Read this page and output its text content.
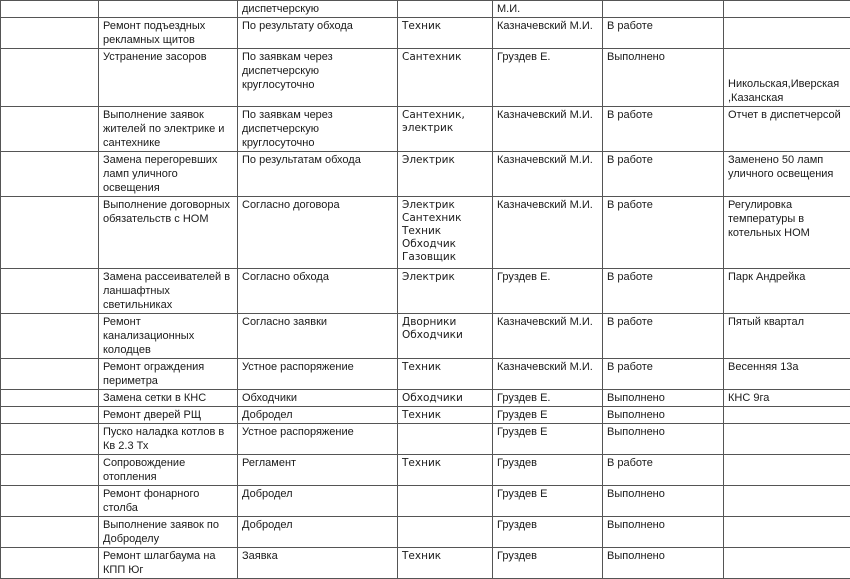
		диспетчерскую		М.И.		
	Ремонт подъездных рекламных щитов	По результату обхода	Техник	Казначевский М.И.	В работе	
	Устранение засоров	По заявкам через диспетчерскую круглосуточно	Сантехник	Груздев Е.	Выполнено	Никольская,Иверская ,Казанская
	Выполнение заявок жителей по электрике и сантехнике	По заявкам через диспетчерскую круглосуточно	Сантехник, электрик	Казначевский М.И.	В работе	Отчет в диспетчерсой
	Замена перегоревших ламп уличного освещения	По результатам обхода	Электрик	Казначевский М.И.	В работе	Заменено 50 ламп уличного освещения
	Выполнение договорных обязательств с НОМ	Согласно договора	Электрик Сантехник Техник Обходчик Газовщик	Казначевский М.И.	В работе	Регулировка температуры в котельных НОМ
	Замена рассеивателей в ланшафтных светильниках	Согласно обхода	Электрик	Груздев Е.	В работе	Парк Андрейка
	Ремонт канализационных колодцев	Согласно заявки	Дворники Обходчики	Казначевский М.И.	В работе	Пятый квартал
	Ремонт ограждения периметра	Устное распоряжение	Техник	Казначевский М.И.	В работе	Весенняя 13а
	Замена сетки в КНС	Обходчики	Обходчики	Груздев Е.	Выполнено	КНС 9га
	Ремонт дверей РЩ	Добродел	Техник	Груздев Е	Выполнено	
	Пуско наладка котлов в Кв 2.3 Тх	Устное распоряжение		Груздев Е	Выполнено	
	Сопровождение отопления	Регламент	Техник	Груздев	В работе	
	Ремонт фонарного столба	Добродел		Груздев Е	Выполнено	
	Выполнение заявок по Доброделу	Добродел		Груздев	Выполнено	
	Ремонт шлагбаума на КПП Юг	Заявка	Техник	Груздев	Выполнено	
